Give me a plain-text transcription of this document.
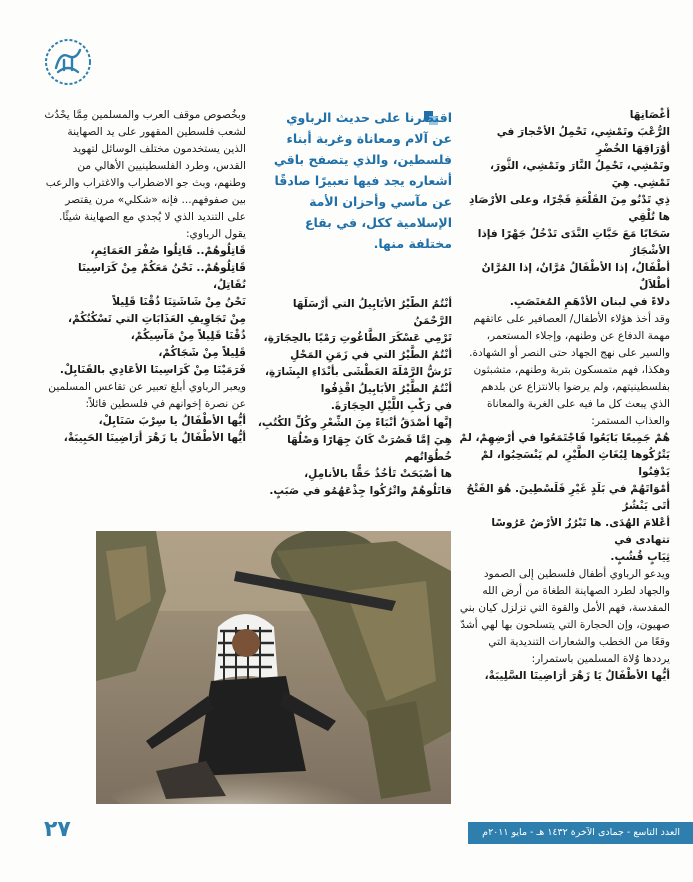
أَغْصَانِهَا

الرُّعْبَ وتَمْشِي، تَحْمِلُ الأحْجارَ في أوْرَاقِهَا الخُضْرِ

وتَمْشِي، تَحْمِلُ النَّارَ وتَمْشِي، الثَّورَ، تَمْشِي. هِيَ

ذِي تَدْنُو مِنَ القَلْعَةِ فَجْرًا، وعلى الأرْصَادِ ها تُلْقِي

سَحَابًا مَعَ حَبَّاتِ النَّدَى تَدْخُلُ جَهْرًا فإذا الأشْجَارُ

أطْفَالُ، إذا الأطْفَالُ مُرَّانٌ، إذا المُرَّانُ أطْلاَلٌ

دلاءً في لبنان الأدْهَمِ المُغتَصَبِ.

وقد أخذ هؤلاء الأطفال/ العصافير على عاتقهم مهمة الدفاع عن وطنهم، وإجلاء المستعمر، والسير على نهج الجهاد حتى النصر أو الشهادة. وهكذا، فهم متمسكون بتربة وطنهم، متشبثون بفلسطينيتهم، ولم يرضوا بالانتزاع عن بلدهم الذي يبعث كل ما فيه على الغربة والمعاناة والعذاب المستمر:

هُمْ جَمِيعًا بَايَعُوا فَاجْتَمَعُوا في أرْضِهِمْ، لمْ

يَتْرُكُوها لِبُغَاثِ الطَّيْرِ، لم يَنْسَحِبُوا، لمْ يَدْفِنُوا

أمْوَاتَهُمْ في بَلَدٍ غَيْرِ فَلَسْطِينَ. هُوَ الفَتْحُ أتَى يَنْشُرُ

أعْلامَ الهُدَى. ها تَبْرُزُ الأرْضُ عَرُوسًا تتهادى في

ثِيَابٍ قُشُبٍ.

ويدعو الرباوي أطفال فلسطين إلى الصمود والجهاد لطرد الصهاينة الطغاة من أرض الله المقدسة، فهم الأمل والقوة التي تزلزل كيان بني صهيون، وإن الحجارة التي يتسلحون بها لهي أشدّ وقعًا من الخطب والشعارات التنديدية التي يرددها وُلاة المسلمين باستمرار:

أيُّها الأطْفَالُ يَا زَهْرَ أرَاضِينَا السَّلِيبَةْ،

اقتصرنا على حديث الرباوي عن آلام ومعاناة وغربة أبناء فلسطين، والذي يتصفح باقي أشعاره يجد فيها تعبيرًا صادقًا عن مآسي وأحزان الأمة الإسلامية ككل، في بقاع مختلفة منها.

أنْتُمُ الطَّيْرُ الأبَابِيلُ التي أرْسَلَهَا الرَّحْمَنُ

تَرْمِي عَسْكَرَ الطَّاغُوتِ رَمْيًا بالحِجَارَةِ،

أنْتُمُ الطَّيْرُ التي في زَمَنِ المَحْلِ

تَرُشُّ الرَّمْلَةَ العَطْشَى بأنْدَاءِ البِشَارَةِ،

أنْتُمُ الطَّيْرُ الأبَابِيلُ اقْذِفُوا

في رَكْبِ اللَّيْلِ الحِجَارَةَ.

إنَّها أصْدَقُ أنْبَاءً مِنَ الشِّعْرِ وكُلِّ الكُتُبِ،

هِيَ إمَّا قَصُرَتْ كَانَ جِهَارًا وَصْلُهَا خُطُوَاتُهم

ها أصْبَحَتْ تَأخُذُ حَقًّا بالأنامِلِ،

قاتَلُوهُمْ واتْرُكُوا جِذْعَهُمُو في صَبَبٍ.

وبخُصوص موقف العرب والمسلمين مِمَّا يحْدُث لشعب فلسطين المقهور على يد الصهاينة الذين يستخدمون مختلف الوسائل لتهويد القدس، وطرد الفلسطينيين الأهالي من وطنهم، وبث جو الاضطراب والاغتراب والرعب بين صفوفهم... فإنه «شكلي» مرن يقتصر على التنديد الذي لا يُجدي مع الصهاينة شيئًا. يقول الرباوي:

قَاتِلُوهُمْ.. قَاتِلُوا صُفْرَ العَمَائِمِ،

قَاتِلُوهُمْ.. نَحْنُ مَعَكُمْ مِنْ كَرَاسِينَا نُقَاتِلُ،

نَحْنُ مِنْ شَاشَتِنَا ذُقْنَا قَلِيلاً

مِنْ تَجَاوِيفِ العَذَابَاتِ التي تَسْكُنُكُمْ،

ذُقْنَا قَلِيلاً مِنْ مَآسِيكُمْ،

قَلِيلاً مِنْ شَجَاكُمْ،

فَرَمَيْنَا مِنْ كَرَاسِينَا الأعَادِي بالقَنَابِلْ.

ويعبر الرباوي أبلغ تعبير عن تقاعس المسلمين عن نصرة إخوانهم في فلسطين قائلاً:

أيُّها الأطْفَالُ يا سِرْبَ سَنَابِلْ،

أيُّها الأطْفَالُ يا زَهْرَ أرَاضِينَا الحَبِيبَةْ،

٢٧	العدد التاسع - جمادى الآخرة ١٤٣٢ هـ - مايو ٢٠١١م
